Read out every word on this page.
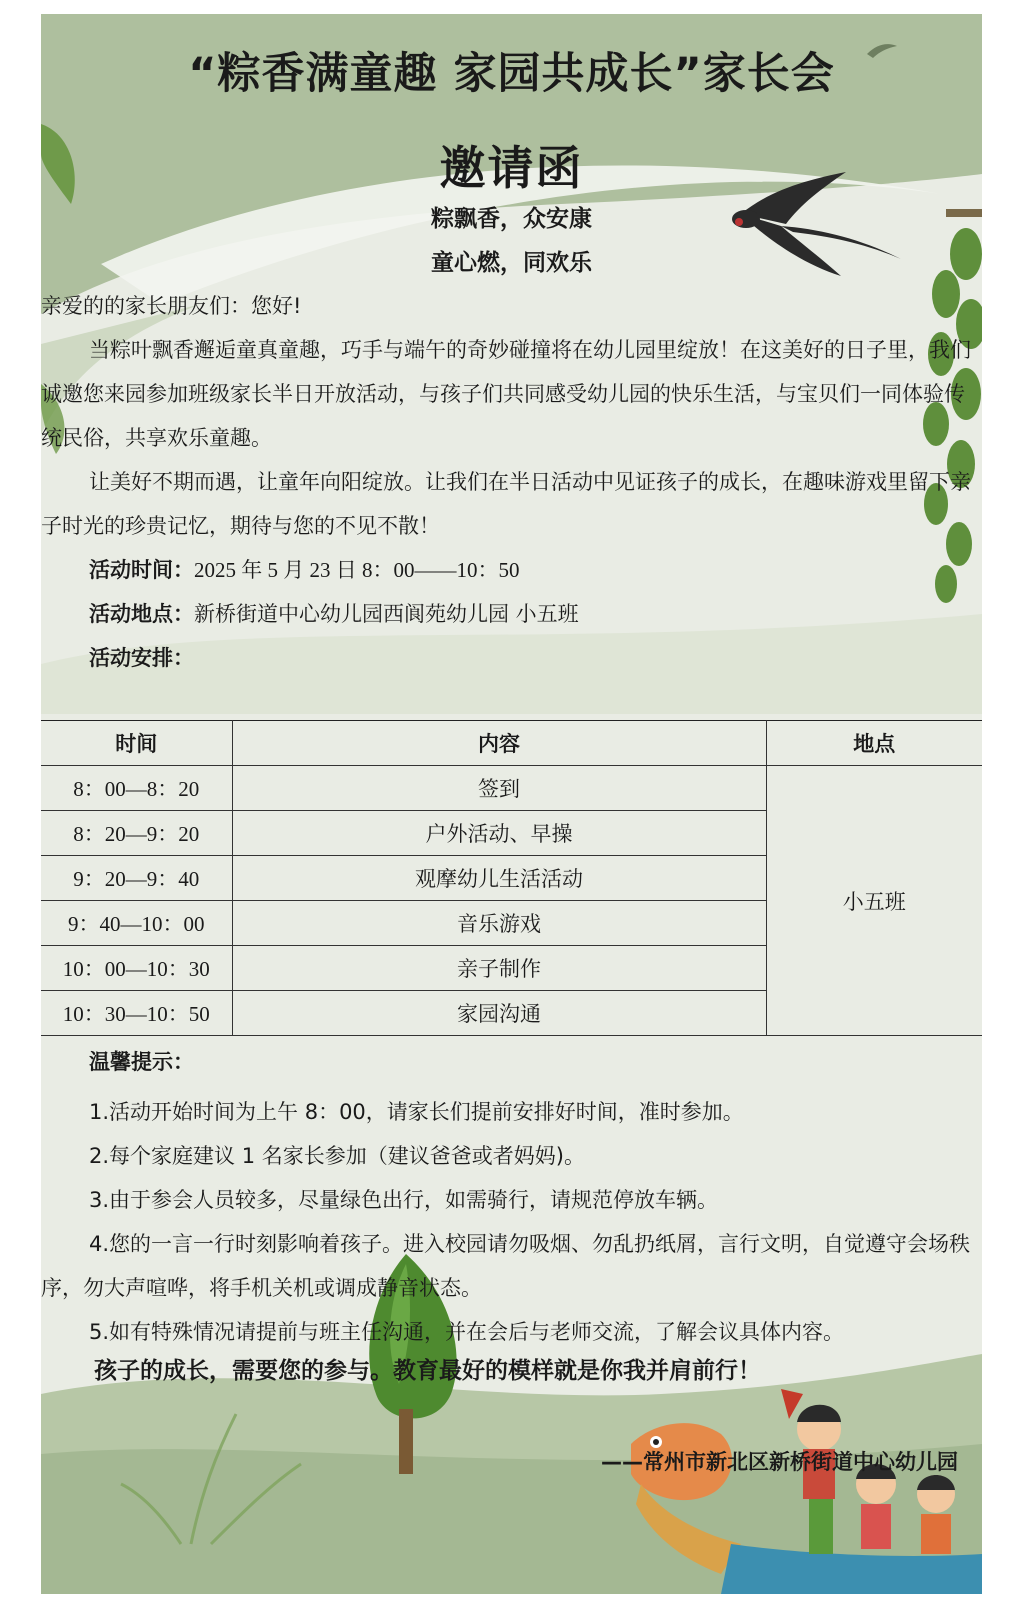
“粽香满童趣 家园共成长”家长会
邀请函
粽飘香，众安康
童心燃，同欢乐
亲爱的的家长朋友们：您好!
当粽叶飘香邂逅童真童趣，巧手与端午的奇妙碰撞将在幼儿园里绽放！在这美好的日子里，我们诚邀您来园参加班级家长半日开放活动，与孩子们共同感受幼儿园的快乐生活，与宝贝们一同体验传统民俗，共享欢乐童趣。
让美好不期而遇，让童年向阳绽放。让我们在半日活动中见证孩子的成长，在趣味游戏里留下亲子时光的珍贵记忆，期待与您的不见不散！
活动时间：2025 年 5 月 23 日 8：00——10：50
活动地点：新桥街道中心幼儿园西阆苑幼儿园 小五班
活动安排：
时间	内容	地点
8：00—8：20	签到	小五班
8：20—9：20	户外活动、早操	
9：20—9：40	观摩幼儿生活活动	
9：40—10：00	音乐游戏	
10：00—10：30	亲子制作	
10：30—10：50	家园沟通	
温馨提示：
1.活动开始时间为上午 8：00，请家长们提前安排好时间，准时参加。
2.每个家庭建议 1 名家长参加（建议爸爸或者妈妈)。
3.由于参会人员较多，尽量绿色出行，如需骑行，请规范停放车辆。
4.您的一言一行时刻影响着孩子。进入校园请勿吸烟、勿乱扔纸屑，言行文明，自觉遵守会场秩序，勿大声喧哗，将手机关机或调成静音状态。
5.如有特殊情况请提前与班主任沟通，并在会后与老师交流，了解会议具体内容。
孩子的成长，需要您的参与。教育最好的模样就是你我并肩前行！
——常州市新北区新桥街道中心幼儿园
